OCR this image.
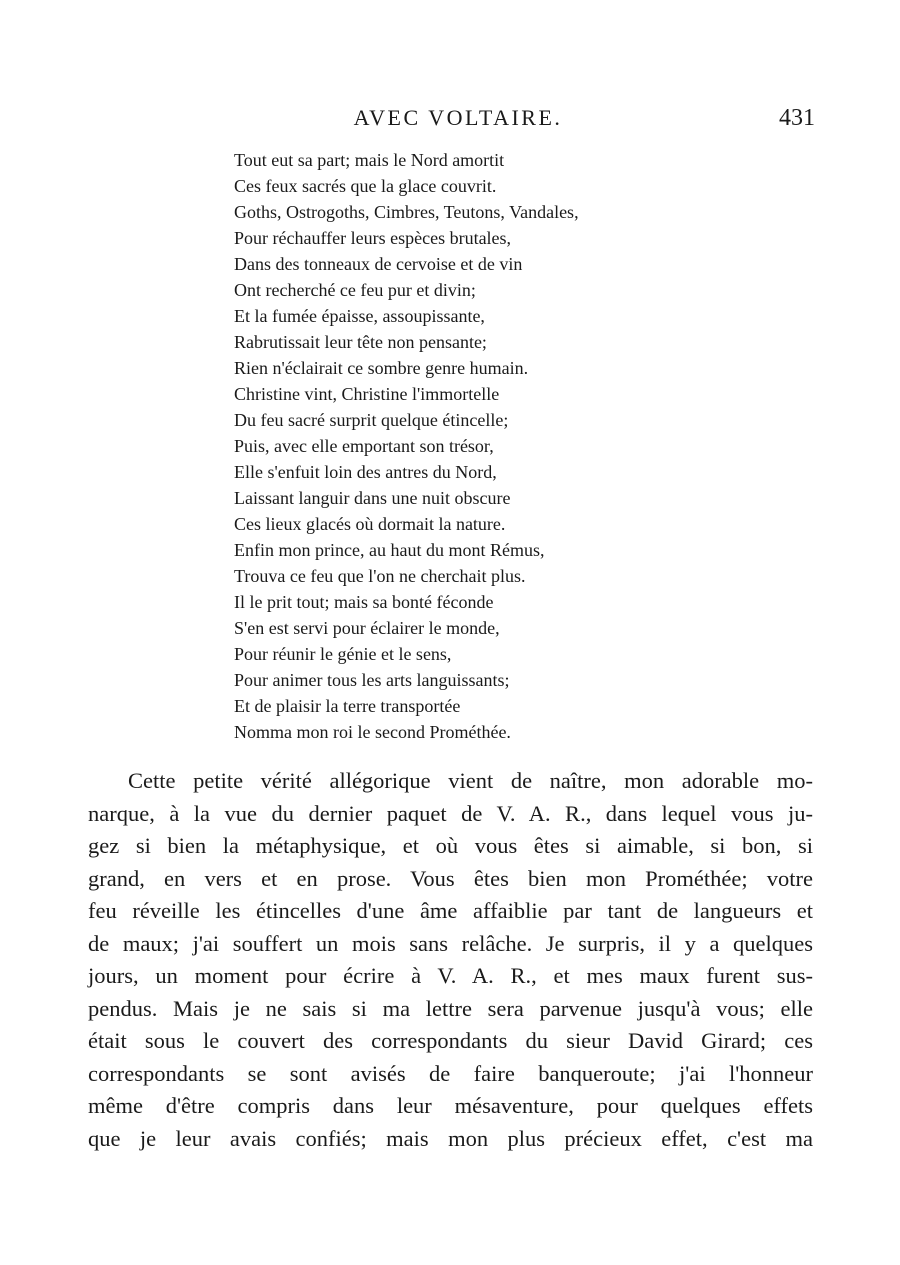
AVEC VOLTAIRE.	431
Tout eut sa part; mais le Nord amortit
Ces feux sacrés que la glace couvrit.
Goths, Ostrogoths, Cimbres, Teutons, Vandales,
Pour réchauffer leurs espèces brutales,
Dans des tonneaux de cervoise et de vin
Ont recherché ce feu pur et divin;
Et la fumée épaisse, assoupissante,
Rabrutissait leur tête non pensante;
Rien n'éclairait ce sombre genre humain.
Christine vint, Christine l'immortelle
Du feu sacré surprit quelque étincelle;
Puis, avec elle emportant son trésor,
Elle s'enfuit loin des antres du Nord,
Laissant languir dans une nuit obscure
Ces lieux glacés où dormait la nature.
Enfin mon prince, au haut du mont Rémus,
Trouva ce feu que l'on ne cherchait plus.
Il le prit tout; mais sa bonté féconde
S'en est servi pour éclairer le monde,
Pour réunir le génie et le sens,
Pour animer tous les arts languissants;
Et de plaisir la terre transportée
Nomma mon roi le second Prométhée.
Cette petite vérité allégorique vient de naître, mon adorable mo-
narque, à la vue du dernier paquet de V. A. R., dans lequel vous ju-
gez si bien la métaphysique, et où vous êtes si aimable, si bon, si
grand, en vers et en prose. Vous êtes bien mon Prométhée; votre
feu réveille les étincelles d'une âme affaiblie par tant de langueurs et
de maux; j'ai souffert un mois sans relâche. Je surpris, il y a quelques
jours, un moment pour écrire à V. A. R., et mes maux furent sus-
pendus. Mais je ne sais si ma lettre sera parvenue jusqu'à vous; elle
était sous le couvert des correspondants du sieur David Girard; ces
correspondants se sont avisés de faire banqueroute; j'ai l'honneur
même d'être compris dans leur mésaventure, pour quelques effets
que je leur avais confiés; mais mon plus précieux effet, c'est ma
